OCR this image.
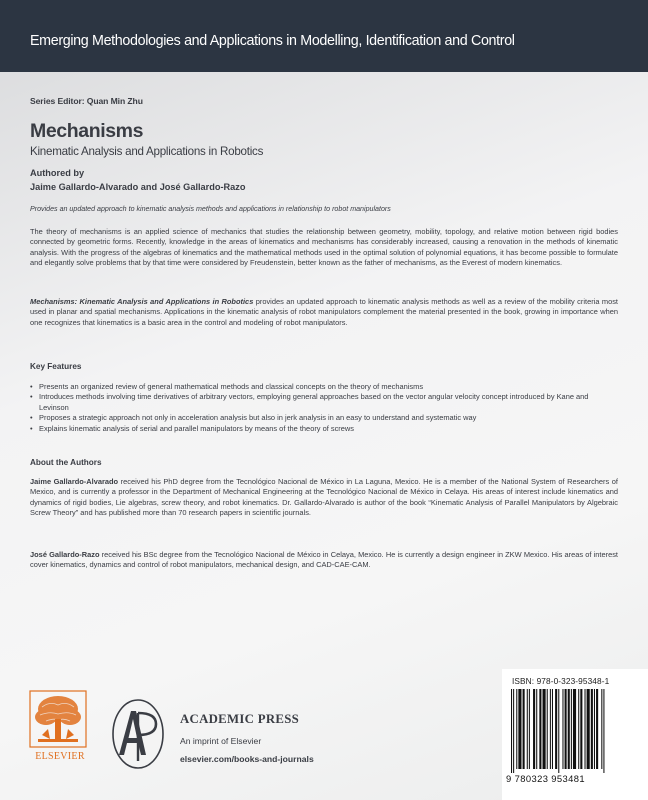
Emerging Methodologies and Applications in Modelling, Identification and Control
Series Editor: Quan Min Zhu
Mechanisms
Kinematic Analysis and Applications in Robotics
Authored by
Jaime Gallardo-Alvarado and José Gallardo-Razo
Provides an updated approach to kinematic analysis methods and applications in relationship to robot manipulators
The theory of mechanisms is an applied science of mechanics that studies the relationship between geometry, mobility, topology, and relative motion between rigid bodies connected by geometric forms. Recently, knowledge in the areas of kinematics and mechanisms has considerably increased, causing a renovation in the methods of kinematic analysis. With the progress of the algebras of kinematics and the mathematical methods used in the optimal solution of polynomial equations, it has become possible to formulate and elegantly solve problems that by that time were considered by Freudenstein, better known as the father of mechanisms, as the Everest of modern kinematics.
Mechanisms: Kinematic Analysis and Applications in Robotics provides an updated approach to kinematic analysis methods as well as a review of the mobility criteria most used in planar and spatial mechanisms. Applications in the kinematic analysis of robot manipulators complement the material presented in the book, growing in importance when one recognizes that kinematics is a basic area in the control and modeling of robot manipulators.
Key Features
• Presents an organized review of general mathematical methods and classical concepts on the theory of mechanisms
• Introduces methods involving time derivatives of arbitrary vectors, employing general approaches based on the vector angular velocity concept introduced by Kane and Levinson
• Proposes a strategic approach not only in acceleration analysis but also in jerk analysis in an easy to understand and systematic way
• Explains kinematic analysis of serial and parallel manipulators by means of the theory of screws
About the Authors
Jaime Gallardo-Alvarado received his PhD degree from the Tecnológico Nacional de México in La Laguna, Mexico. He is a member of the National System of Researchers of Mexico, and is currently a professor in the Department of Mechanical Engineering at the Tecnológico Nacional de México in Celaya. His areas of interest include kinematics and dynamics of rigid bodies, Lie algebras, screw theory, and robot kinematics. Dr. Gallardo-Alvarado is author of the book “Kinematic Analysis of Parallel Manipulators by Algebraic Screw Theory” and has published more than 70 research papers in scientific journals.
José Gallardo-Razo received his BSc degree from the Tecnológico Nacional de México in Celaya, Mexico. He is currently a design engineer in ZKW Mexico. His areas of interest cover kinematics, dynamics and control of robot manipulators, mechanical design, and CAD-CAE-CAM.
ELSEVIER
ACADEMIC PRESS
An imprint of Elsevier
elsevier.com/books-and-journals
ISBN: 978-0-323-95348-1
9 780323 953481
